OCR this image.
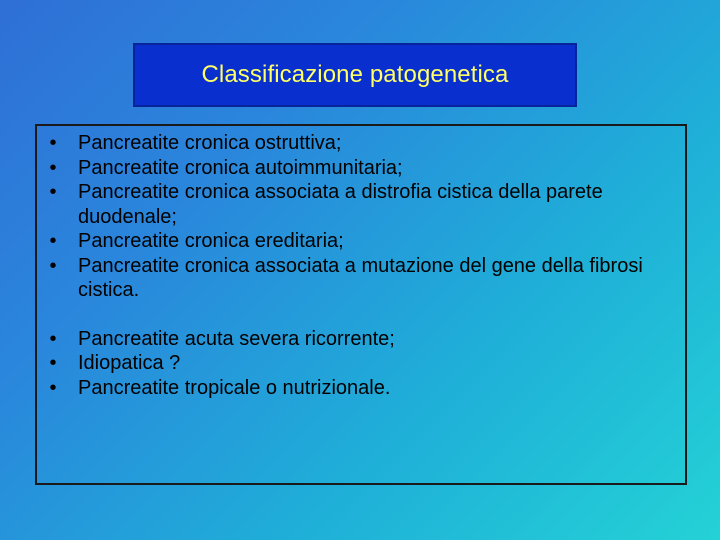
Classificazione patogenetica
•	Pancreatite cronica ostruttiva;
•	Pancreatite cronica autoimmunitaria;
•	Pancreatite cronica associata a distrofia cistica della parete duodenale;
•	Pancreatite cronica ereditaria;
•	Pancreatite cronica associata a mutazione del gene della fibrosi cistica.
•	Pancreatite acuta severa ricorrente;
•	Idiopatica ?
•	Pancreatite tropicale o nutrizionale.
